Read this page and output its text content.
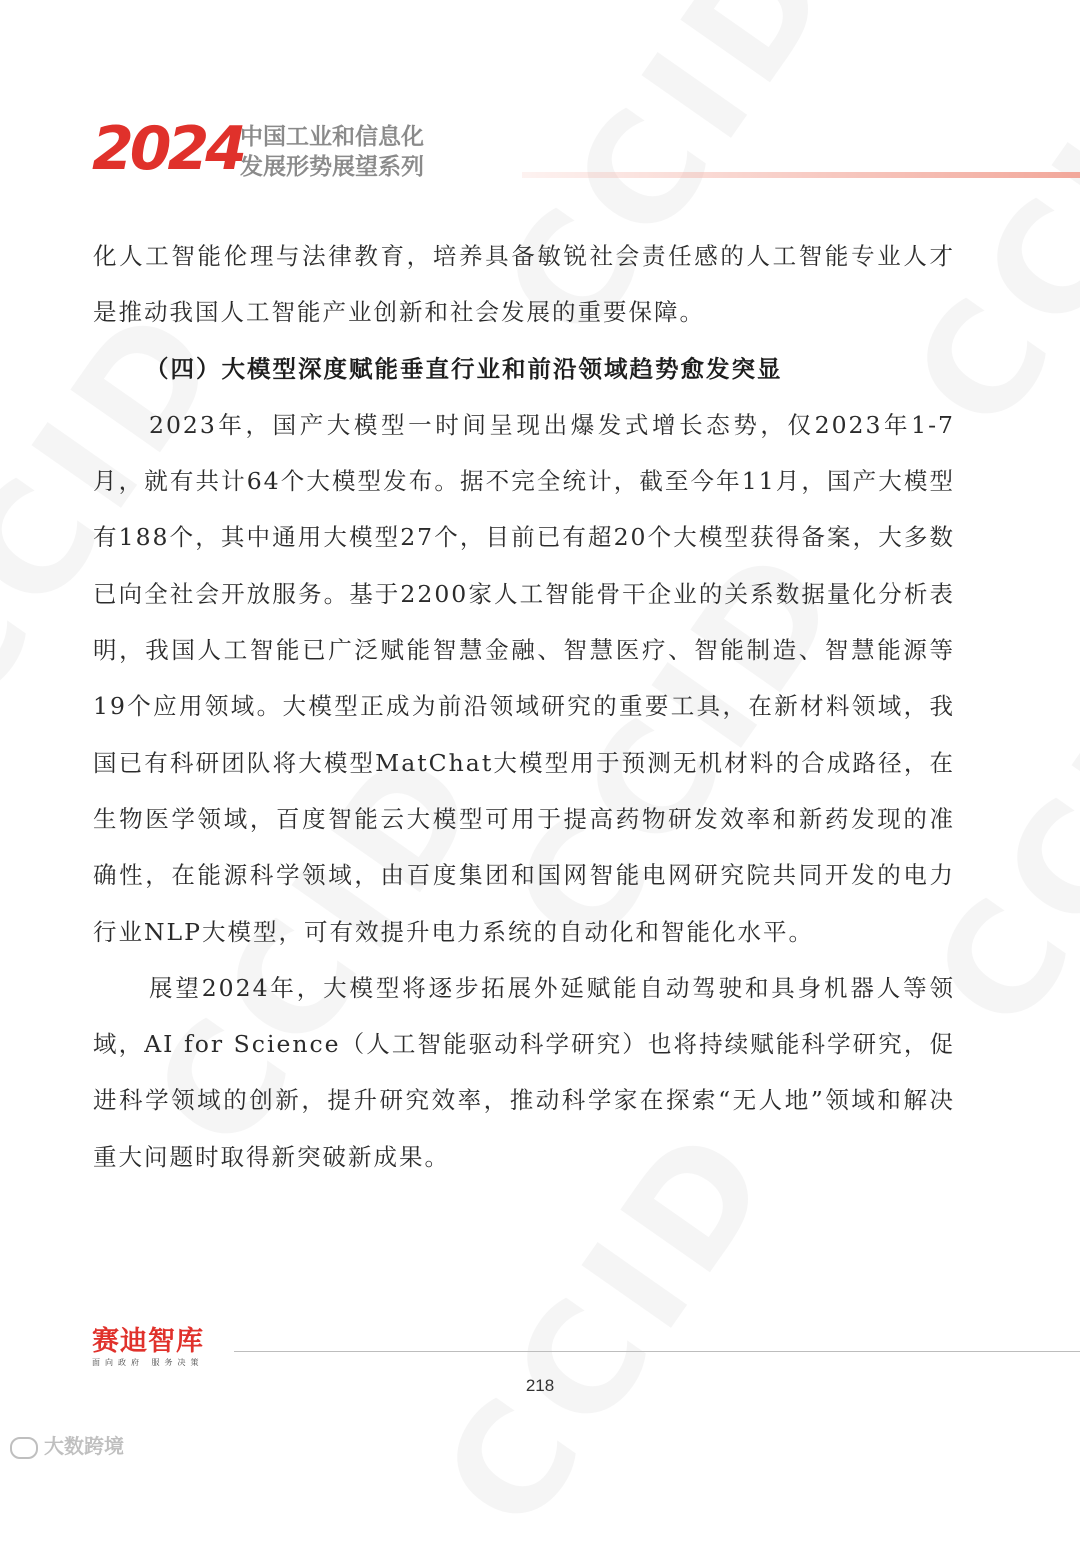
2024
中国工业和信息化
发展形势展望系列

化人工智能伦理与法律教育，培养具备敏锐社会责任感的人工智能专业人才是推动我国人工智能产业创新和社会发展的重要保障。

（四）大模型深度赋能垂直行业和前沿领域趋势愈发突显

2023年，国产大模型一时间呈现出爆发式增长态势，仅2023年1-7月，就有共计64个大模型发布。据不完全统计，截至今年11月，国产大模型有188个，其中通用大模型27个，目前已有超20个大模型获得备案，大多数已向全社会开放服务。基于2200家人工智能骨干企业的关系数据量化分析表明，我国人工智能已广泛赋能智慧金融、智慧医疗、智能制造、智慧能源等19个应用领域。大模型正成为前沿领域研究的重要工具，在新材料领域，我国已有科研团队将大模型MatChat大模型用于预测无机材料的合成路径，在生物医学领域，百度智能云大模型可用于提高药物研发效率和新药发现的准确性，在能源科学领域，由百度集团和国网智能电网研究院共同开发的电力行业NLP大模型，可有效提升电力系统的自动化和智能化水平。

展望2024年，大模型将逐步拓展外延赋能自动驾驶和具身机器人等领域，AI for Science（人工智能驱动科学研究）也将持续赋能科学研究，促进科学领域的创新，提升研究效率，推动科学家在探索“无人地”领域和解决重大问题时取得新突破新成果。

赛迪智库
面向政府 服务决策
218
大数跨境
